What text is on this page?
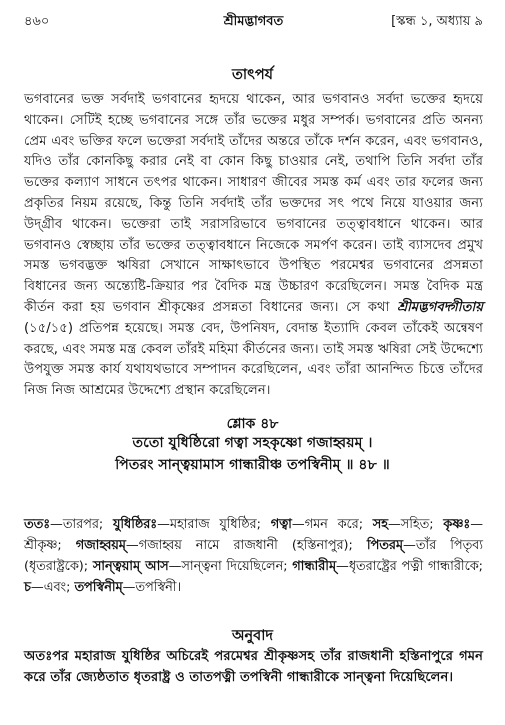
৪৬০	শ্রীমদ্ভাগবত	[স্কন্ধ ১, অধ্যায় ৯
তাৎপর্য
ভগবানের ভক্ত সর্বদাই ভগবানের হৃদয়ে থাকেন, আর ভগবানও সর্বদা ভক্তের হৃদয়ে থাকেন। সেটিই হচ্ছে ভগবানের সঙ্গে তাঁর ভক্তের মধুর সম্পর্ক। ভগবানের প্রতি অনন্য প্রেম এবং ভক্তির ফলে ভক্তেরা সর্বদাই তাঁদের অন্তরে তাঁকে দর্শন করেন, এবং ভগবানও, যদিও তাঁর কোনকিছু করার নেই বা কোন কিছু চাওয়ার নেই, তথাপি তিনি সর্বদা তাঁর ভক্তের কল্যাণ সাধনে তৎপর থাকেন। সাধারণ জীবের সমস্ত কর্ম এবং তার ফলের জন্য প্রকৃতির নিয়ম রয়েছে, কিন্তু তিনি সর্বদাই তাঁর ভক্তদের সৎ পথে নিয়ে যাওয়ার জন্য উদ্গ্রীব থাকেন। ভক্তেরা তাই সরাসরিভাবে ভগবানের তত্ত্বাবধানে থাকেন। আর ভগবানও স্বেচ্ছায় তাঁর ভক্তের তত্ত্বাবধানে নিজেকে সমর্পণ করেন। তাই ব্যাসদেব প্রমুখ সমস্ত ভগবদ্ভক্ত ঋষিরা সেখানে সাক্ষাৎভাবে উপস্থিত পরমেশ্বর ভগবানের প্রসন্নতা বিধানের জন্য অন্ত্যেষ্টি-ক্রিয়ার পর বৈদিক মন্ত্র উচ্চারণ করেছিলেন। সমস্ত বৈদিক মন্ত্র কীর্তন করা হয় ভগবান শ্রীকৃষ্ণের প্রসন্নতা বিধানের জন্য। সে কথা শ্রীমদ্ভগবদ্গীতায় (১৫/১৫) প্রতিপন্ন হয়েছে। সমস্ত বেদ, উপনিষদ, বেদান্ত ইত্যাদি কেবল তাঁকেই অন্বেষণ করছে, এবং সমস্ত মন্ত্র কেবল তাঁরই মহিমা কীর্তনের জন্য। তাই সমস্ত ঋষিরা সেই উদ্দেশ্যে উপযুক্ত সমস্ত কার্য যথাযথভাবে সম্পাদন করেছিলেন, এবং তাঁরা আনন্দিত চিত্তে তাঁদের নিজ নিজ আশ্রমের উদ্দেশ্যে প্রস্থান করেছিলেন।
শ্লোক ৪৮
ততো যুধিষ্ঠিরো গত্বা সহকৃষ্ণো গজাহ্বয়ম্ ।
পিতরং সান্ত্বয়ামাস গান্ধারীঞ্চ তপস্বিনীম্ ॥ ৪৮ ॥
ততঃ—তারপর; যুধিষ্ঠিরঃ—মহারাজ যুধিষ্ঠির; গত্বা—গমন করে; সহ—সহিত; কৃষ্ণঃ—শ্রীকৃষ্ণ; গজাহ্বয়ম্—গজাহ্বয় নামে রাজধানী (হস্তিনাপুর); পিতরম্—তাঁর পিতৃব্য (ধৃতরাষ্ট্রকে); সান্ত্বয়াম্ আস—সান্ত্বনা দিয়েছিলেন; গান্ধারীম্—ধৃতরাষ্ট্রের পত্নী গান্ধারীকে; চ—এবং; তপস্বিনীম্—তপস্বিনী।
অনুবাদ
অতঃপর মহারাজ যুধিষ্ঠির অচিরেই পরমেশ্বর শ্রীকৃষ্ণসহ তাঁর রাজধানী হস্তিনাপুরে গমন করে তাঁর জ্যেষ্ঠতাত ধৃতরাষ্ট্র ও তাতপত্নী তপস্বিনী গান্ধারীকে সান্ত্বনা দিয়েছিলেন।
